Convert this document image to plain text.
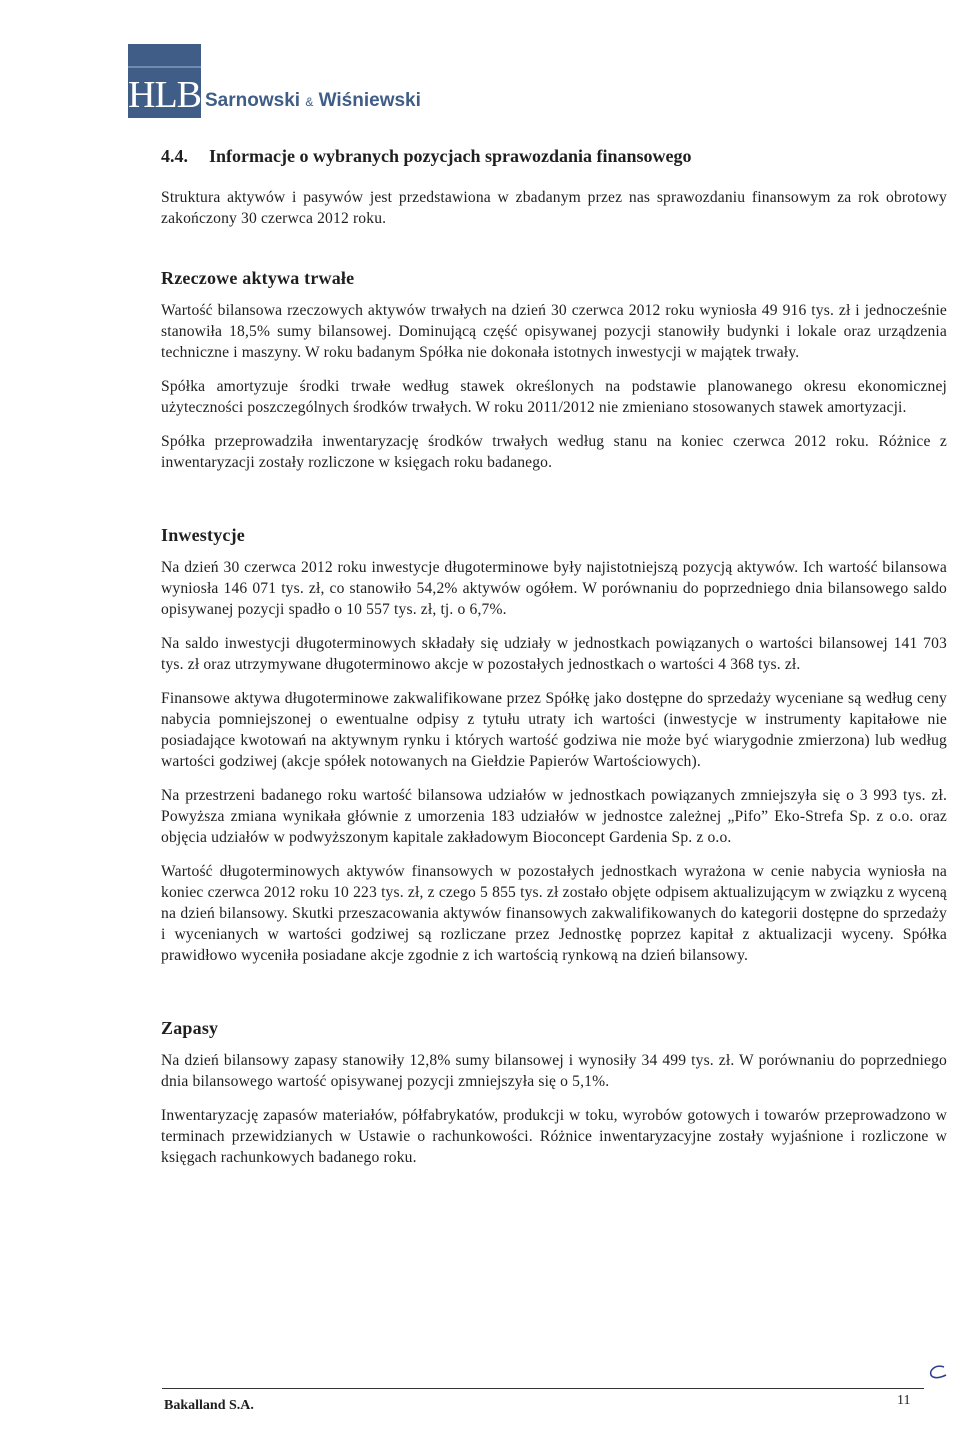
HLB Sarnowski & Wiśniewski
4.4. Informacje o wybranych pozycjach sprawozdania finansowego

Struktura aktywów i pasywów jest przedstawiona w zbadanym przez nas sprawozdaniu finansowym za rok obrotowy zakończony 30 czerwca 2012 roku.

Rzeczowe aktywa trwałe

Wartość bilansowa rzeczowych aktywów trwałych na dzień 30 czerwca 2012 roku wyniosła 49 916 tys. zł i jednocześnie stanowiła 18,5% sumy bilansowej. Dominującą część opisywanej pozycji stanowiły budynki i lokale oraz urządzenia techniczne i maszyny. W roku badanym Spółka nie dokonała istotnych inwestycji w majątek trwały.

Spółka amortyzuje środki trwałe według stawek określonych na podstawie planowanego okresu ekonomicznej użyteczności poszczególnych środków trwałych. W roku 2011/2012 nie zmieniano stosowanych stawek amortyzacji.

Spółka przeprowadziła inwentaryzację środków trwałych według stanu na koniec czerwca 2012 roku. Różnice z inwentaryzacji zostały rozliczone w księgach roku badanego.

Inwestycje

Na dzień 30 czerwca 2012 roku inwestycje długoterminowe były najistotniejszą pozycją aktywów. Ich wartość bilansowa wyniosła 146 071 tys. zł, co stanowiło 54,2% aktywów ogółem. W porównaniu do poprzedniego dnia bilansowego saldo opisywanej pozycji spadło o 10 557 tys. zł, tj. o 6,7%.

Na saldo inwestycji długoterminowych składały się udziały w jednostkach powiązanych o wartości bilansowej 141 703 tys. zł oraz utrzymywane długoterminowo akcje w pozostałych jednostkach o wartości 4 368 tys. zł.

Finansowe aktywa długoterminowe zakwalifikowane przez Spółkę jako dostępne do sprzedaży wyceniane są według ceny nabycia pomniejszonej o ewentualne odpisy z tytułu utraty ich wartości (inwestycje w instrumenty kapitałowe nie posiadające kwotowań na aktywnym rynku i których wartość godziwa nie może być wiarygodnie zmierzona) lub według wartości godziwej (akcje spółek notowanych na Giełdzie Papierów Wartościowych).

Na przestrzeni badanego roku wartość bilansowa udziałów w jednostkach powiązanych zmniejszyła się o 3 993 tys. zł. Powyższa zmiana wynikała głównie z umorzenia 183 udziałów w jednostce zależnej „Pifo” Eko-Strefa Sp. z o.o. oraz objęcia udziałów w podwyższonym kapitale zakładowym Bioconcept Gardenia Sp. z o.o.

Wartość długoterminowych aktywów finansowych w pozostałych jednostkach wyrażona w cenie nabycia wyniosła na koniec czerwca 2012 roku 10 223 tys. zł, z czego 5 855 tys. zł zostało objęte odpisem aktualizującym w związku z wyceną na dzień bilansowy. Skutki przeszacowania aktywów finansowych zakwalifikowanych do kategorii dostępne do sprzedaży i wycenianych w wartości godziwej są rozliczane przez Jednostkę poprzez kapitał z aktualizacji wyceny. Spółka prawidłowo wyceniła posiadane akcje zgodnie z ich wartością rynkową na dzień bilansowy.

Zapasy

Na dzień bilansowy zapasy stanowiły 12,8% sumy bilansowej i wynosiły 34 499 tys. zł. W porównaniu do poprzedniego dnia bilansowego wartość opisywanej pozycji zmniejszyła się o 5,1%.

Inwentaryzację zapasów materiałów, półfabrykatów, produkcji w toku, wyrobów gotowych i towarów przeprowadzono w terminach przewidzianych w Ustawie o rachunkowości. Różnice inwentaryzacyjne zostały wyjaśnione i rozliczone w księgach rachunkowych badanego roku.

Bakalland S.A.	11
